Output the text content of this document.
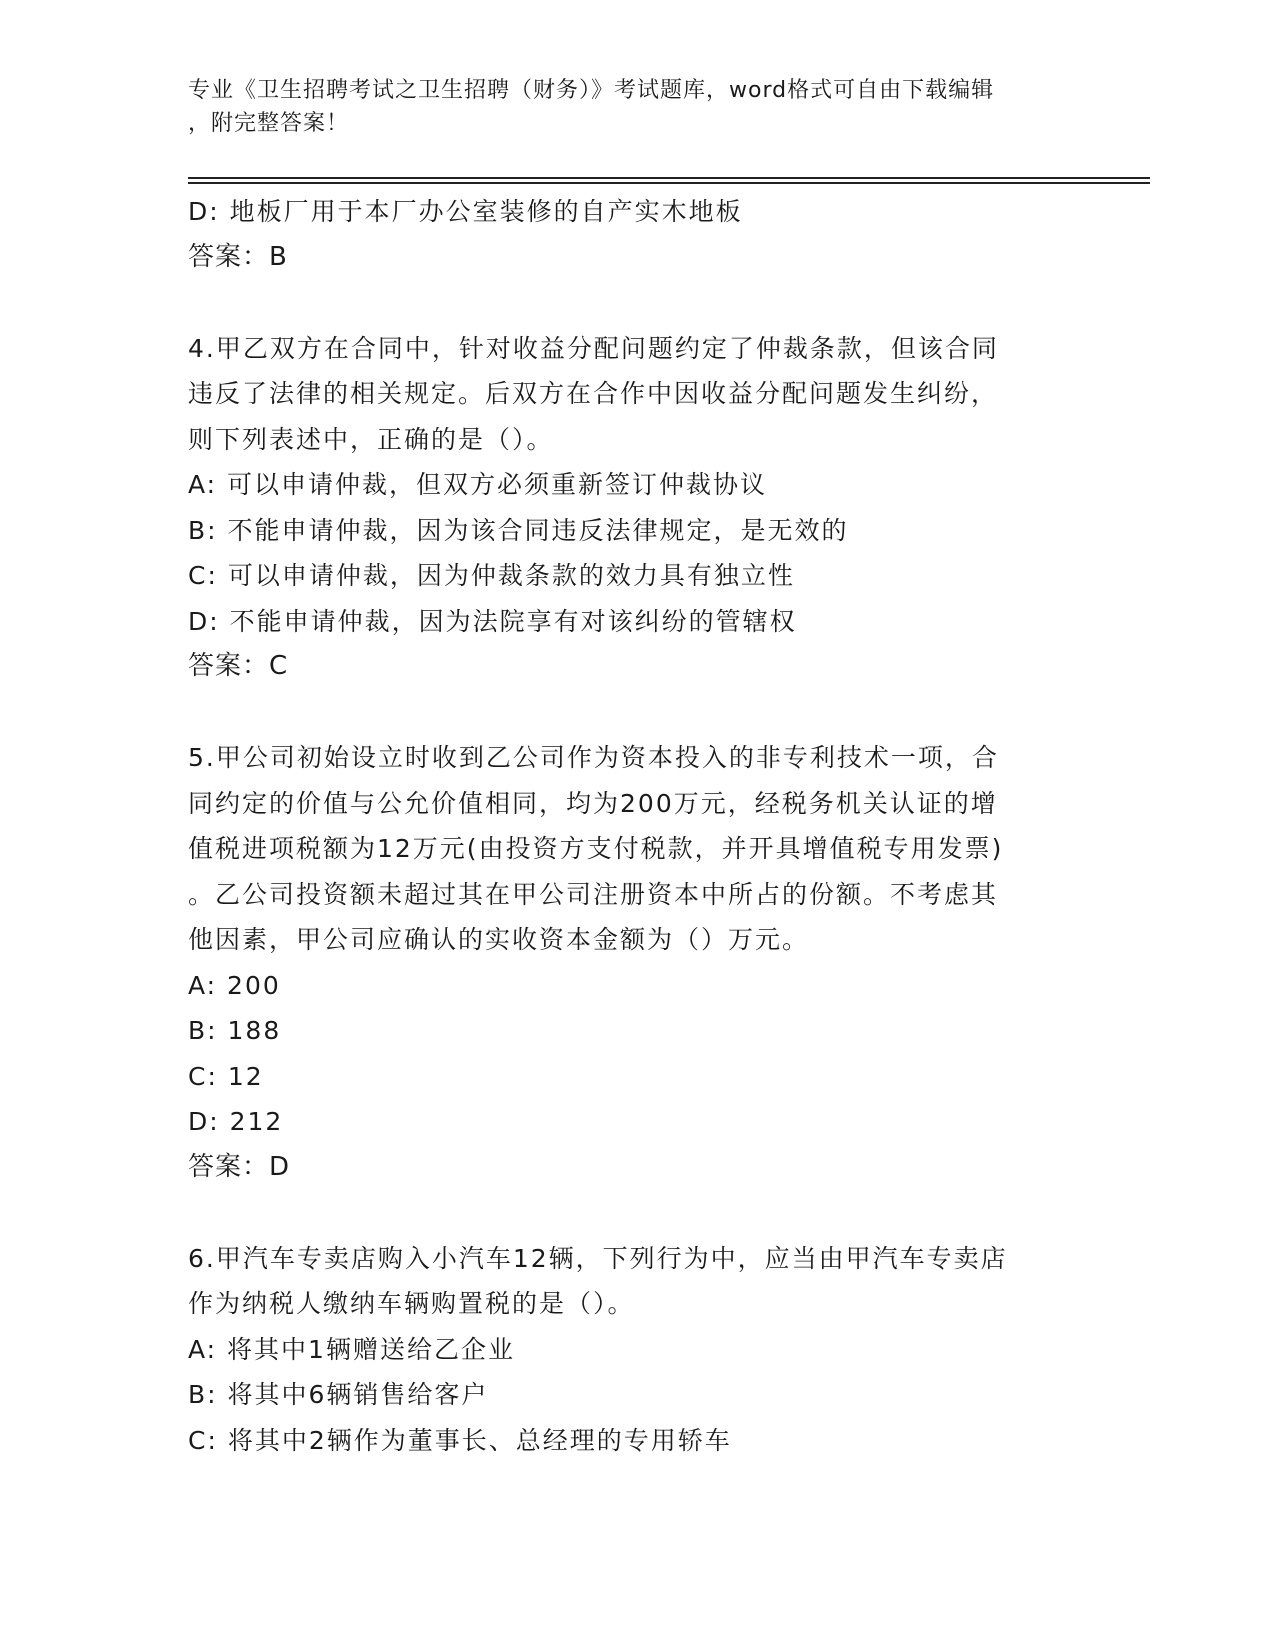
专业《卫生招聘考试之卫生招聘（财务）》考试题库，word格式可自由下载编辑
，附完整答案！
D: 地板厂用于本厂办公室装修的自产实木地板
答案：B
4.甲乙双方在合同中，针对收益分配问题约定了仲裁条款，但该合同
违反了法律的相关规定。后双方在合作中因收益分配问题发生纠纷，
则下列表述中，正确的是（）。
A: 可以申请仲裁，但双方必须重新签订仲裁协议
B: 不能申请仲裁，因为该合同违反法律规定，是无效的
C: 可以申请仲裁，因为仲裁条款的效力具有独立性
D: 不能申请仲裁，因为法院享有对该纠纷的管辖权
答案：C
5.甲公司初始设立时收到乙公司作为资本投入的非专利技术一项，合
同约定的价值与公允价值相同，均为200万元，经税务机关认证的增
值税进项税额为12万元(由投资方支付税款，并开具增值税专用发票)
。乙公司投资额未超过其在甲公司注册资本中所占的份额。不考虑其
他因素，甲公司应确认的实收资本金额为（）万元。
A: 200
B: 188
C: 12
D: 212
答案：D
6.甲汽车专卖店购入小汽车12辆，下列行为中，应当由甲汽车专卖店
作为纳税人缴纳车辆购置税的是（）。
A: 将其中1辆赠送给乙企业
B: 将其中6辆销售给客户
C: 将其中2辆作为董事长、总经理的专用轿车
